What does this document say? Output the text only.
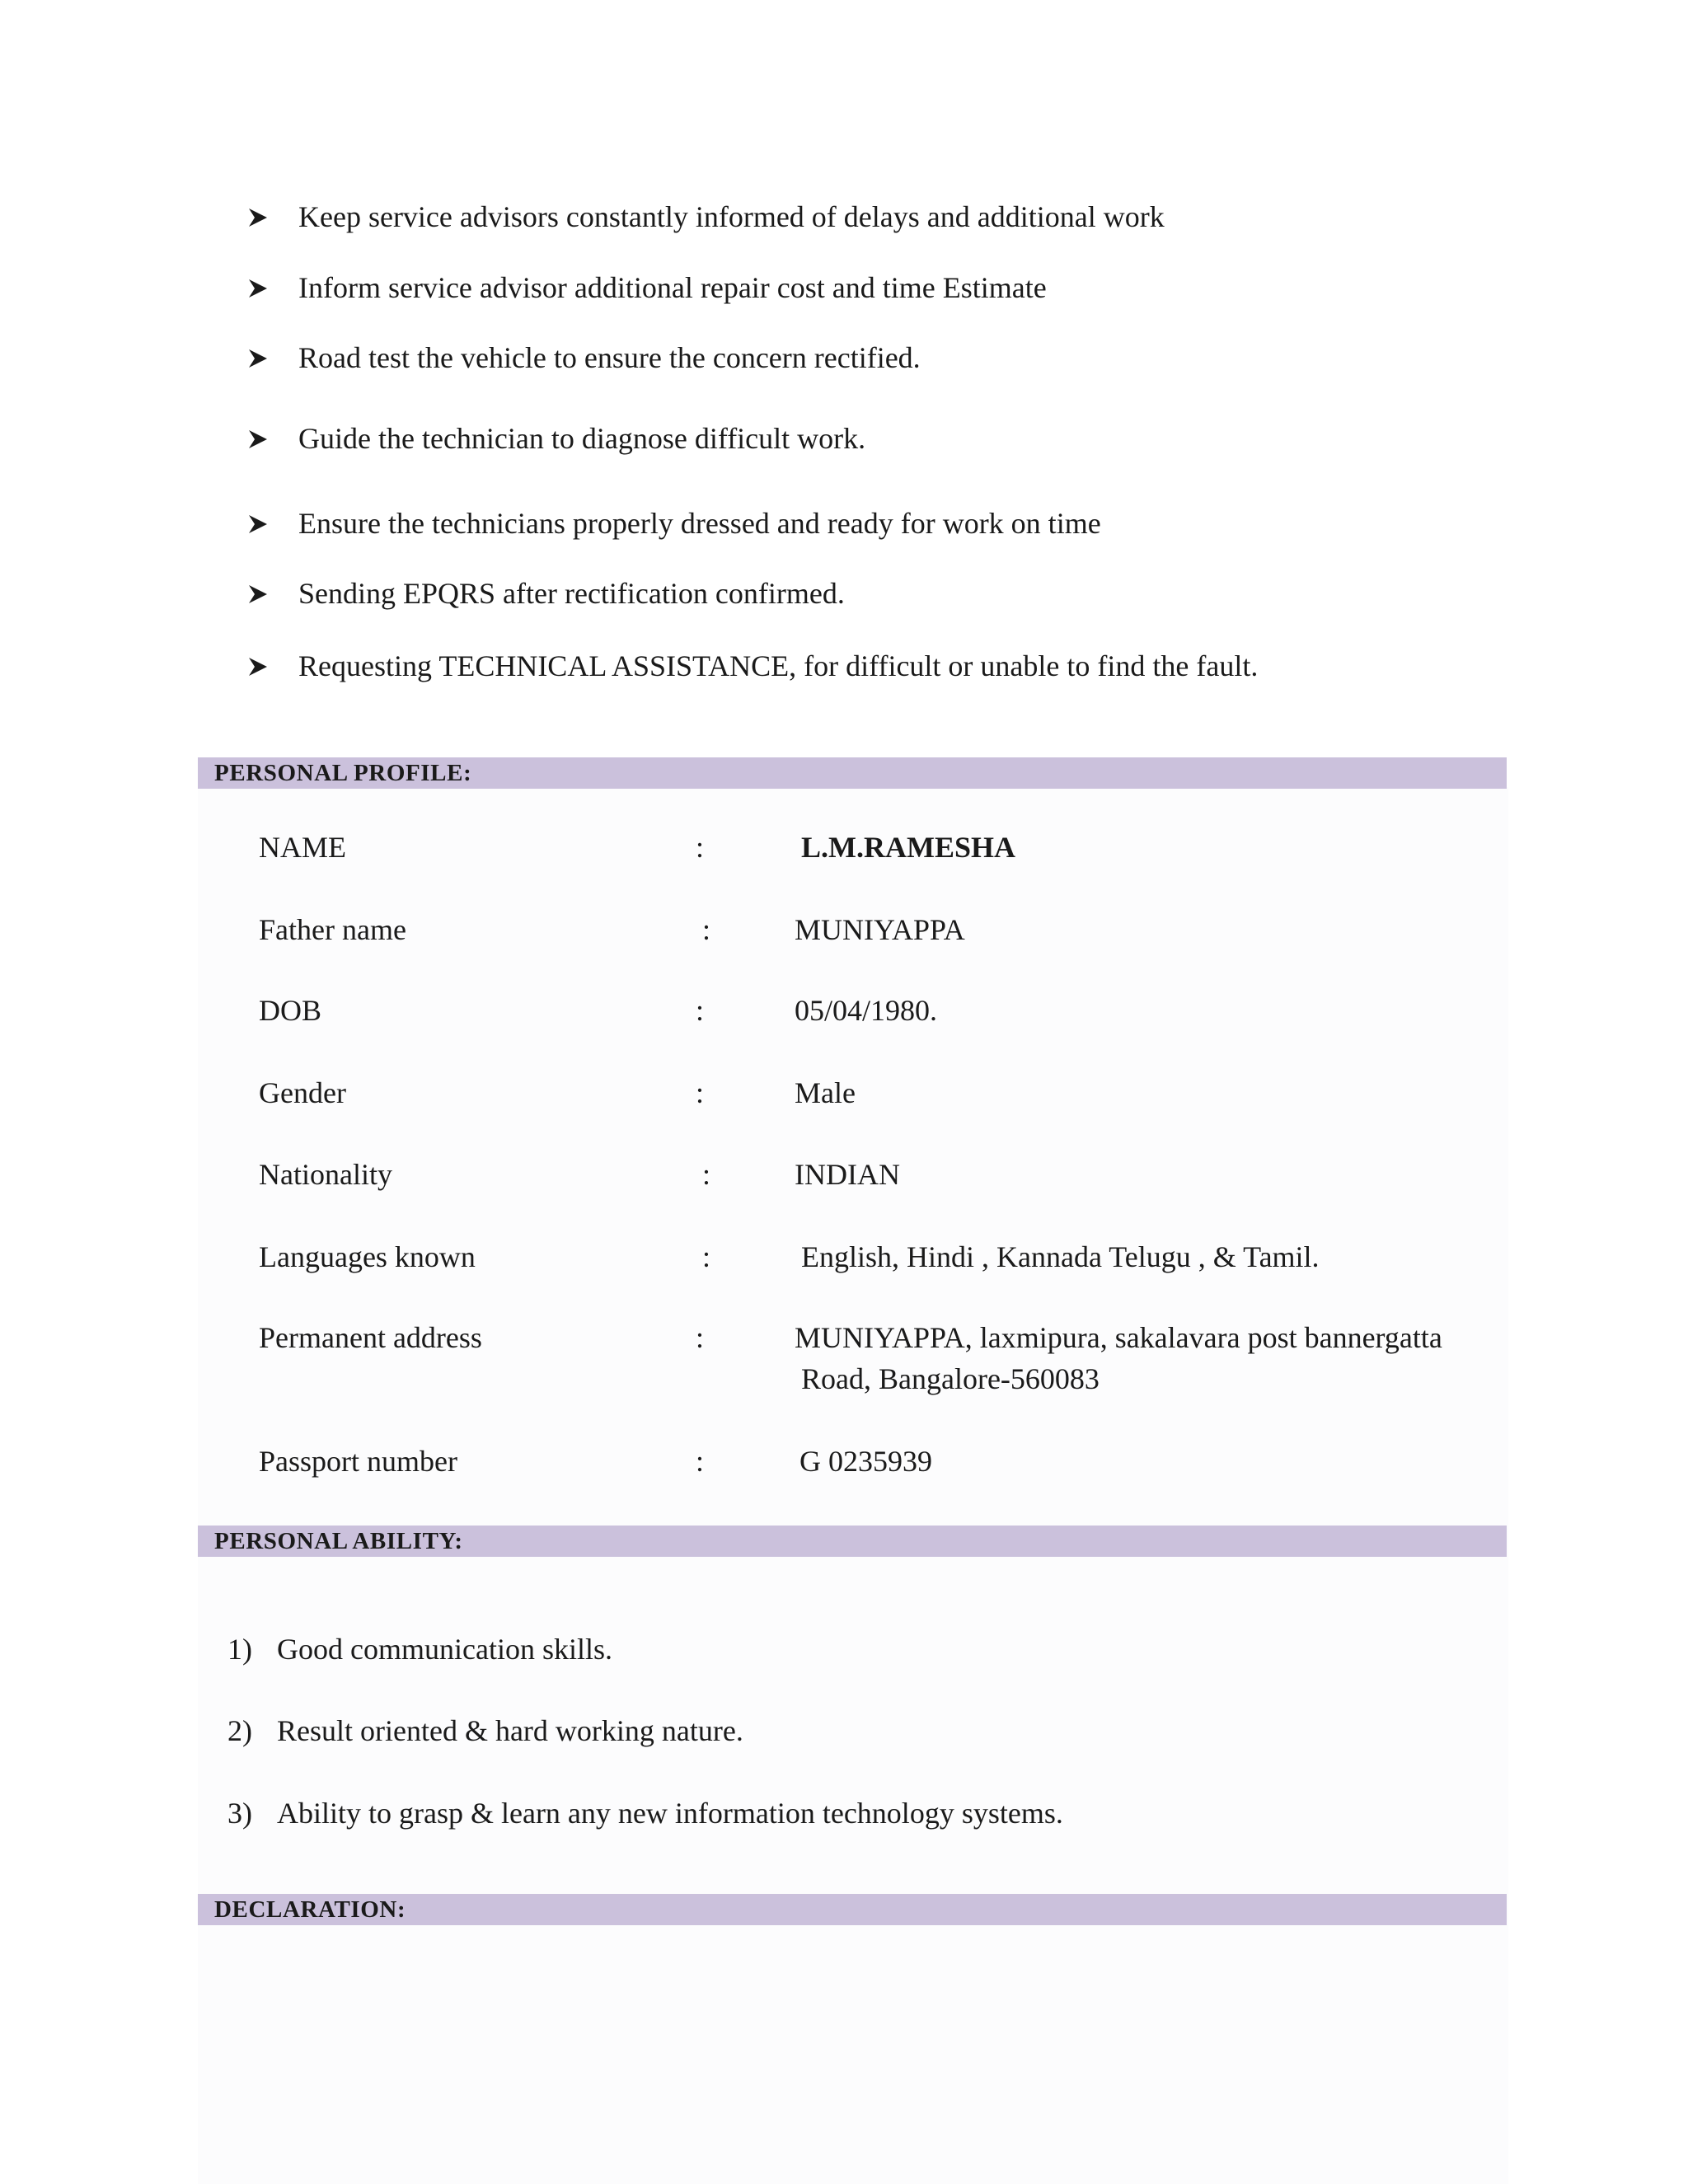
Keep service advisors constantly informed of delays and additional work
Inform service advisor additional repair cost and time Estimate
Road test the vehicle to ensure the concern rectified.
Guide the technician to diagnose difficult work.
Ensure the technicians properly dressed and ready for work on time
Sending EPQRS after rectification confirmed.
Requesting TECHNICAL ASSISTANCE, for difficult or unable to find the fault.
PERSONAL PROFILE:
NAME	:	L.M.RAMESHA
Father name	:	MUNIYAPPA
DOB	:	05/04/1980.
Gender	:	Male
Nationality	:	INDIAN
Languages known	:	English, Hindi , Kannada Telugu , & Tamil.
Permanent address	:	MUNIYAPPA, laxmipura, sakalavara post bannergatta
Road, Bangalore-560083
Passport number	:	G 0235939
PERSONAL ABILITY:
1) Good communication skills.
2) Result oriented & hard working nature.
3) Ability to grasp & learn any new information technology systems.
DECLARATION:
